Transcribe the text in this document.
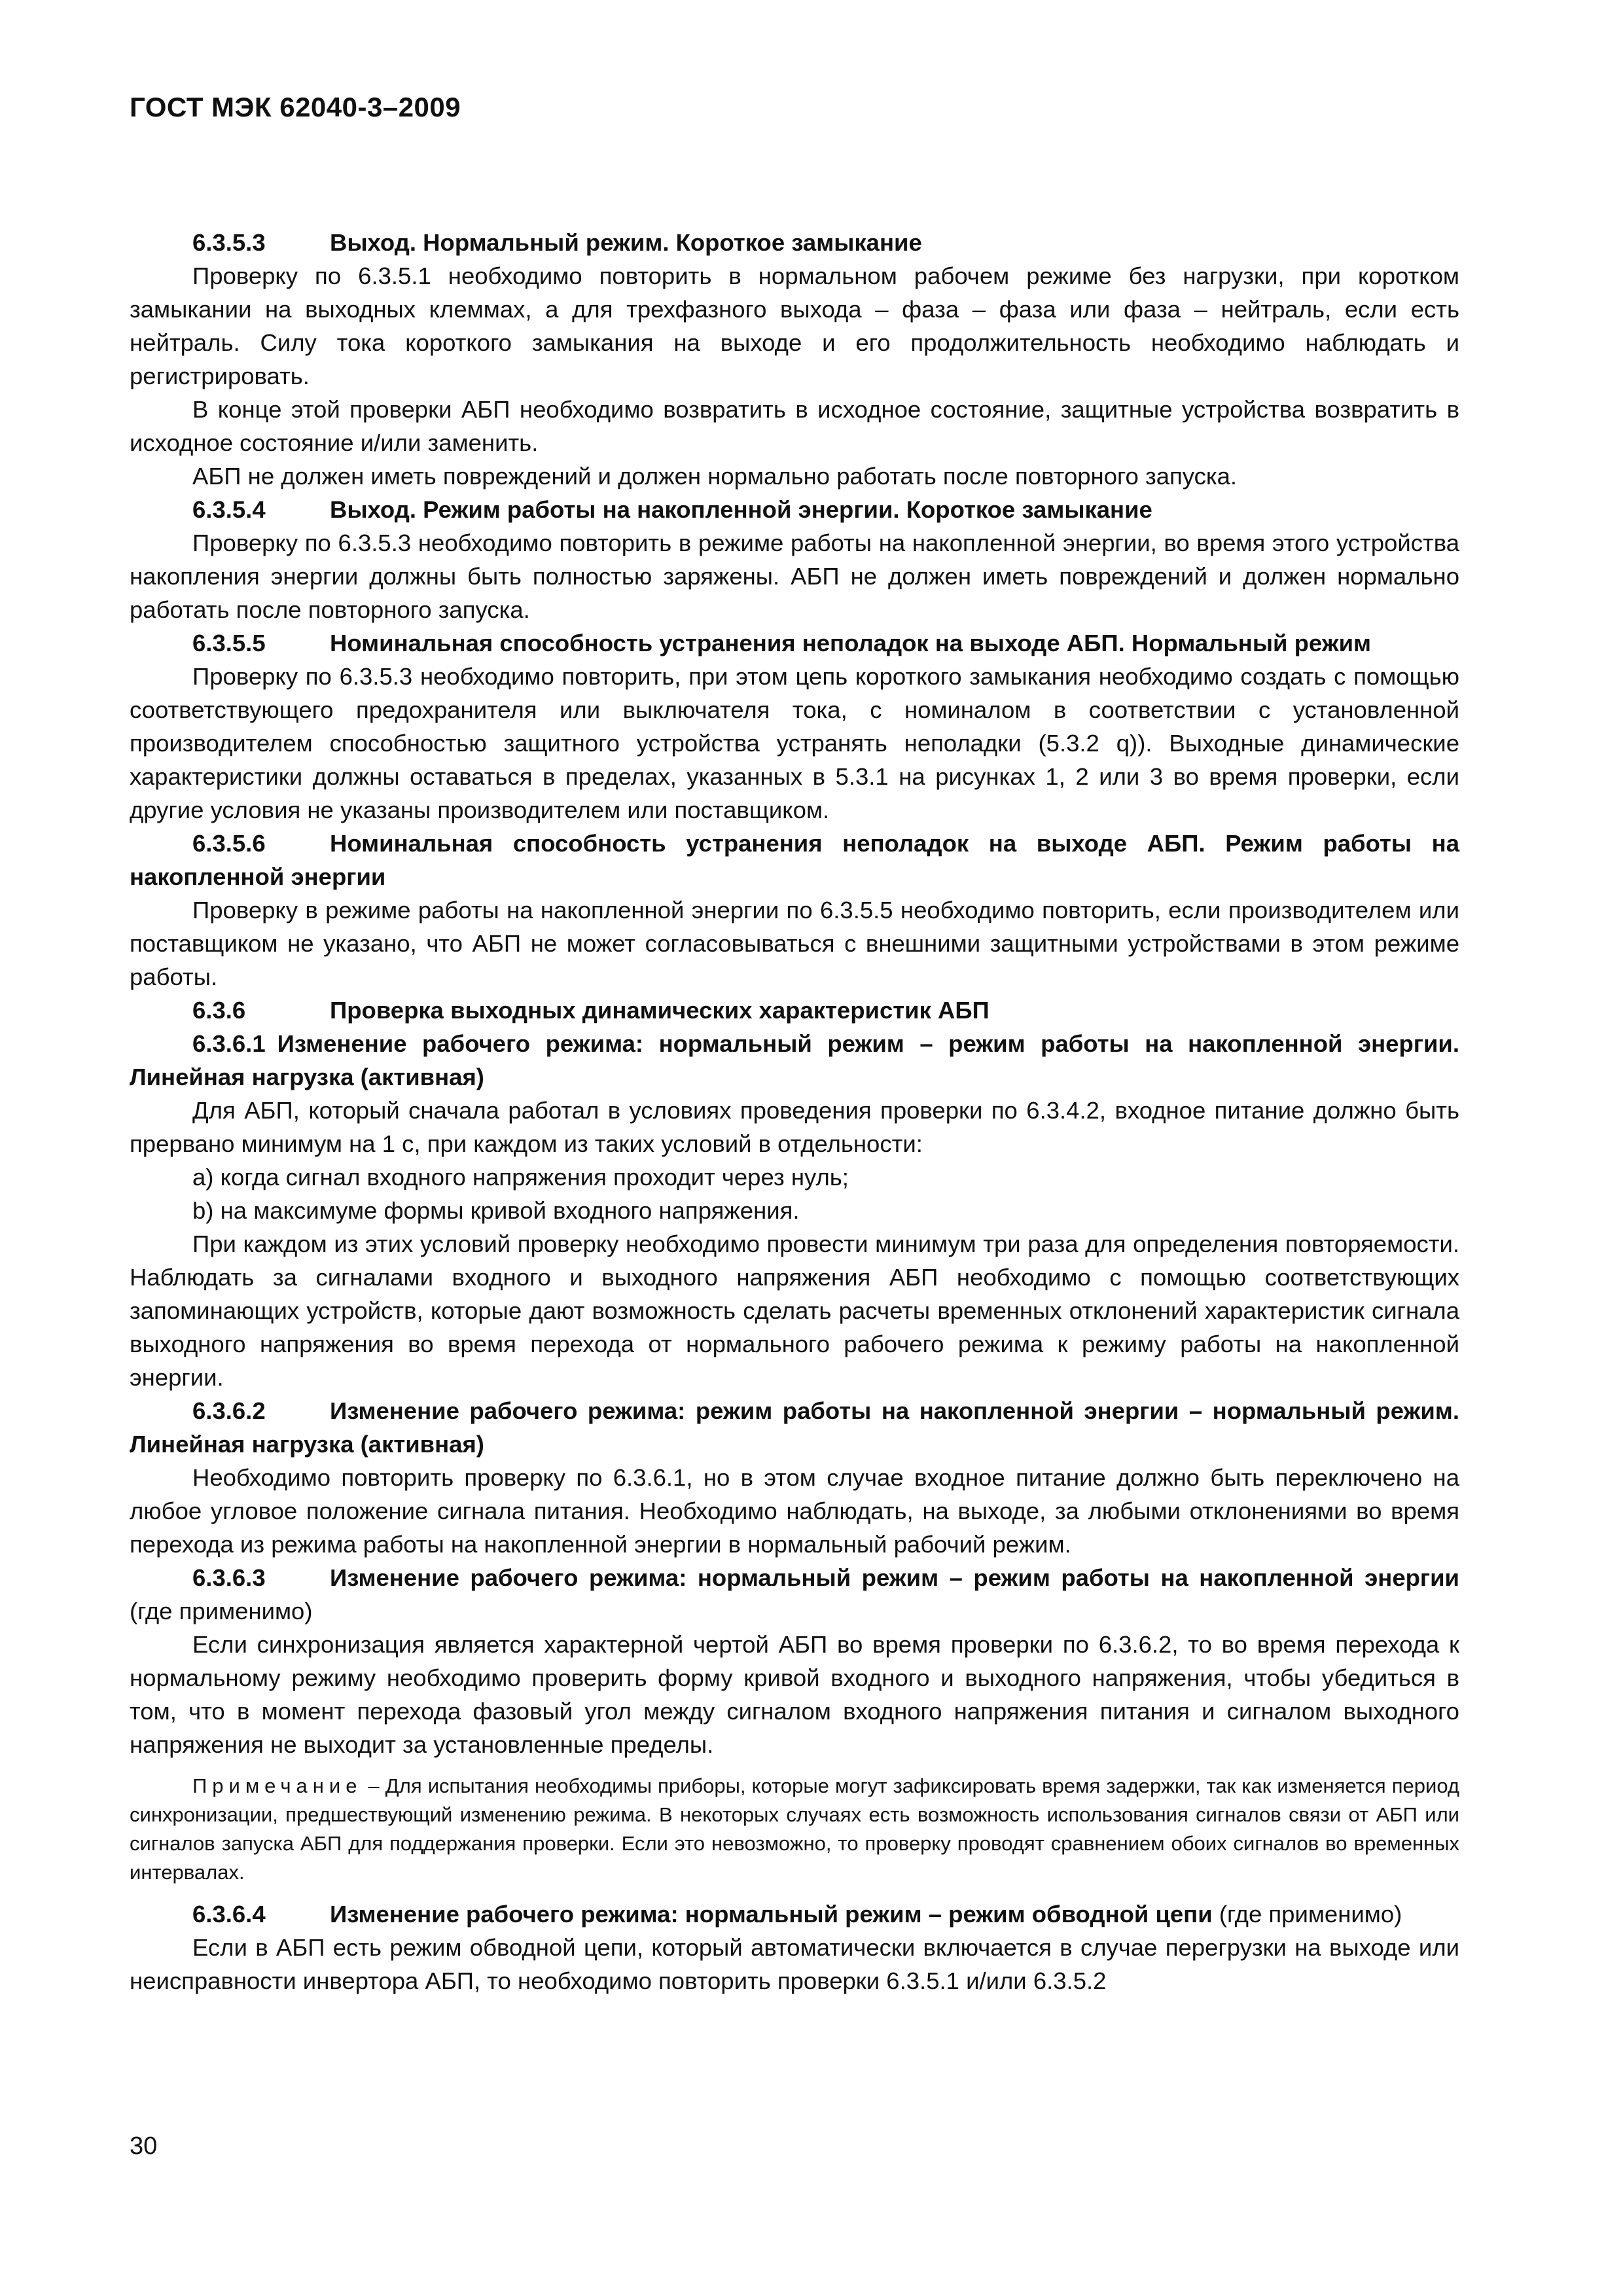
ГОСТ МЭК 62040-3–2009

6.3.5.3	Выход. Нормальный режим. Короткое замыкание

Проверку по 6.3.5.1 необходимо повторить в нормальном рабочем режиме без нагрузки, при коротком замыкании на выходных клеммах, а для трехфазного выхода – фаза – фаза или фаза – нейтраль, если есть нейтраль. Силу тока короткого замыкания на выходе и его продолжительность необходимо наблюдать и регистрировать.

В конце этой проверки АБП необходимо возвратить в исходное состояние, защитные устройства возвратить в исходное состояние и/или заменить.

АБП не должен иметь повреждений и должен нормально работать после повторного запуска.

6.3.5.4	Выход. Режим работы на накопленной энергии. Короткое замыкание

Проверку по 6.3.5.3 необходимо повторить в режиме работы на накопленной энергии, во время этого устройства накопления энергии должны быть полностью заряжены. АБП не должен иметь повреждений и должен нормально работать после повторного запуска.

6.3.5.5	Номинальная способность устранения неполадок на выходе АБП. Нормальный режим

Проверку по 6.3.5.3 необходимо повторить, при этом цепь короткого замыкания необходимо создать с помощью соответствующего предохранителя или выключателя тока, с номиналом в соответствии с установленной производителем способностью защитного устройства устранять неполадки (5.3.2 q)). Выходные динамические характеристики должны оставаться в пределах, указанных в 5.3.1 на рисунках 1, 2 или 3 во время проверки, если другие условия не указаны производителем или поставщиком.

6.3.5.6	Номинальная способность устранения неполадок на выходе АБП. Режим работы на накопленной энергии

Проверку в режиме работы на накопленной энергии по 6.3.5.5 необходимо повторить, если производителем или поставщиком не указано, что АБП не может согласовываться с внешними защитными устройствами в этом режиме работы.

6.3.6	Проверка выходных динамических характеристик АБП

6.3.6.1 Изменение рабочего режима: нормальный режим – режим работы на накопленной энергии. Линейная нагрузка (активная)

Для АБП, который сначала работал в условиях проведения проверки по 6.3.4.2, входное питание должно быть прервано минимум на 1 с, при каждом из таких условий в отдельности:

a) когда сигнал входного напряжения проходит через нуль;

b) на максимуме формы кривой входного напряжения.

При каждом из этих условий проверку необходимо провести минимум три раза для определения повторяемости. Наблюдать за сигналами входного и выходного напряжения АБП необходимо с помощью соответствующих запоминающих устройств, которые дают возможность сделать расчеты временных отклонений характеристик сигнала выходного напряжения во время перехода от нормального рабочего режима к режиму работы на накопленной энергии.

6.3.6.2	Изменение рабочего режима: режим работы на накопленной энергии – нормальный режим. Линейная нагрузка (активная)

Необходимо повторить проверку по 6.3.6.1, но в этом случае входное питание должно быть переключено на любое угловое положение сигнала питания. Необходимо наблюдать, на выходе, за любыми отклонениями во время перехода из режима работы на накопленной энергии в нормальный рабочий режим.

6.3.6.3	Изменение рабочего режима: нормальный режим – режим работы на накопленной энергии (где применимо)

Если синхронизация является характерной чертой АБП во время проверки по 6.3.6.2, то во время перехода к нормальному режиму необходимо проверить форму кривой входного и выходного напряжения, чтобы убедиться в том, что в момент перехода фазовый угол между сигналом входного напряжения питания и сигналом выходного напряжения не выходит за установленные пределы.

Примечание – Для испытания необходимы приборы, которые могут зафиксировать время задержки, так как изменяется период синхронизации, предшествующий изменению режима. В некоторых случаях есть возможность использования сигналов связи от АБП или сигналов запуска АБП для поддержания проверки. Если это невозможно, то проверку проводят сравнением обоих сигналов во временных интервалах.

6.3.6.4	Изменение рабочего режима: нормальный режим – режим обводной цепи (где применимо)

Если в АБП есть режим обводной цепи, который автоматически включается в случае перегрузки на выходе или неисправности инвертора АБП, то необходимо повторить проверки 6.3.5.1 и/или 6.3.5.2

30
